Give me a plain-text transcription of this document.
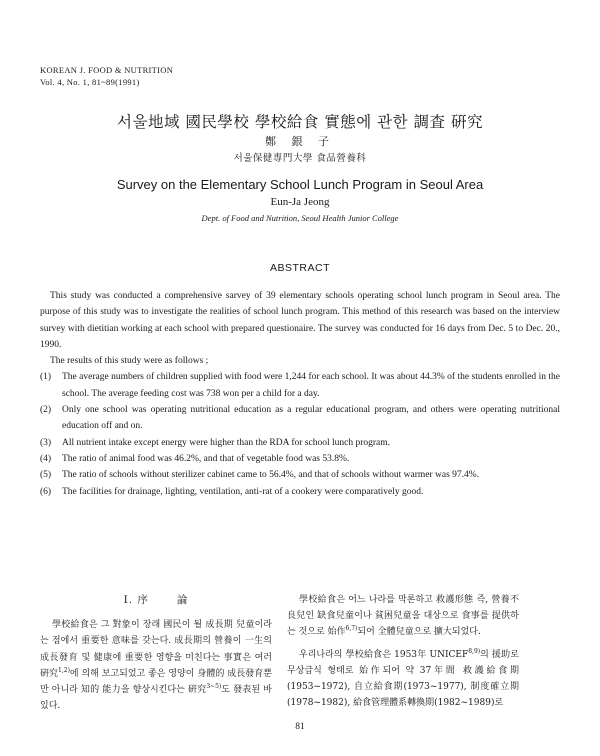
KOREAN J. FOOD & NUTRITION
Vol. 4, No. 1, 81~89(1991)
서울地域 國民學校 學校給食 實態에 관한 調査 硏究
鄭 銀 子
서울保健專門大學 食品營養科
Survey on the Elementary School Lunch Program in Seoul Area
Eun-Ja Jeong
Dept. of Food and Nutrition, Seoul Health Junior College
ABSTRACT

This study was conducted a comprehensive sarvey of 39 elementary schools operating school lunch program in Seoul area. The purpose of this study was to investigate the realities of school lunch program. This method of this research was based on the interview survey with dietitian working at each school with prepared questionaire. The survey was conducted for 16 days from Dec. 5 to Dec. 20., 1990.

The results of this study were as follows ;

(1) The average numbers of children supplied with food were 1,244 for each school. It was about 44.3% of the students enrolled in the school. The average feeding cost was 738 won per a child for a day.
(2) Only one school was operating nutritional education as a regular educational program, and others were operating nutritional education off and on.
(3) All nutrient intake except energy were higher than the RDA for school lunch program.
(4) The ratio of animal food was 46.2%, and that of vegetable food was 53.8%.
(5) The ratio of schools without sterilizer cabinet came to 56.4%, and that of schools without warmer was 97.4%.
(6) The facilities for drainage, lighting, ventilation, anti-rat of a cookery were comparatively good.
I. 序	論

學校給食은 그 對象이 장래 國民이 될 成長期 兒童이라는 점에서 重要한 意味를 갖는다. 成長期의 營養이 一生의 成長發育 및 健康에 重要한 영향을 미친다는 事實은 여러 硏究$^{1,2)}$에 의해 보고되었고 좋은 영양이 身體的 成長發育뿐만 아니라 知的 能力을 향상시킨다는 硏究$^{3\sim 5)}$도 發表된 바 있다.

學校給食은 어느 나라를 막론하고 救護形態 즉, 營養不良兒인 缺食兒童이나 貧困兒童을 대상으로 食事를 提供하는 것으로 始作$^{6,7)}$되어 全體兒童으로 擴大되었다.

우리나라의 學校給食은 1953年 UNICEF$^{8,9)}$의 援助로 무상급식 형태로 始作되어 약 37年間 救護給食期(1953~1972), 自立給食期(1973~1977), 制度確立期(1978~1982), 給食管理體系轉換期(1982~1989)로

81
